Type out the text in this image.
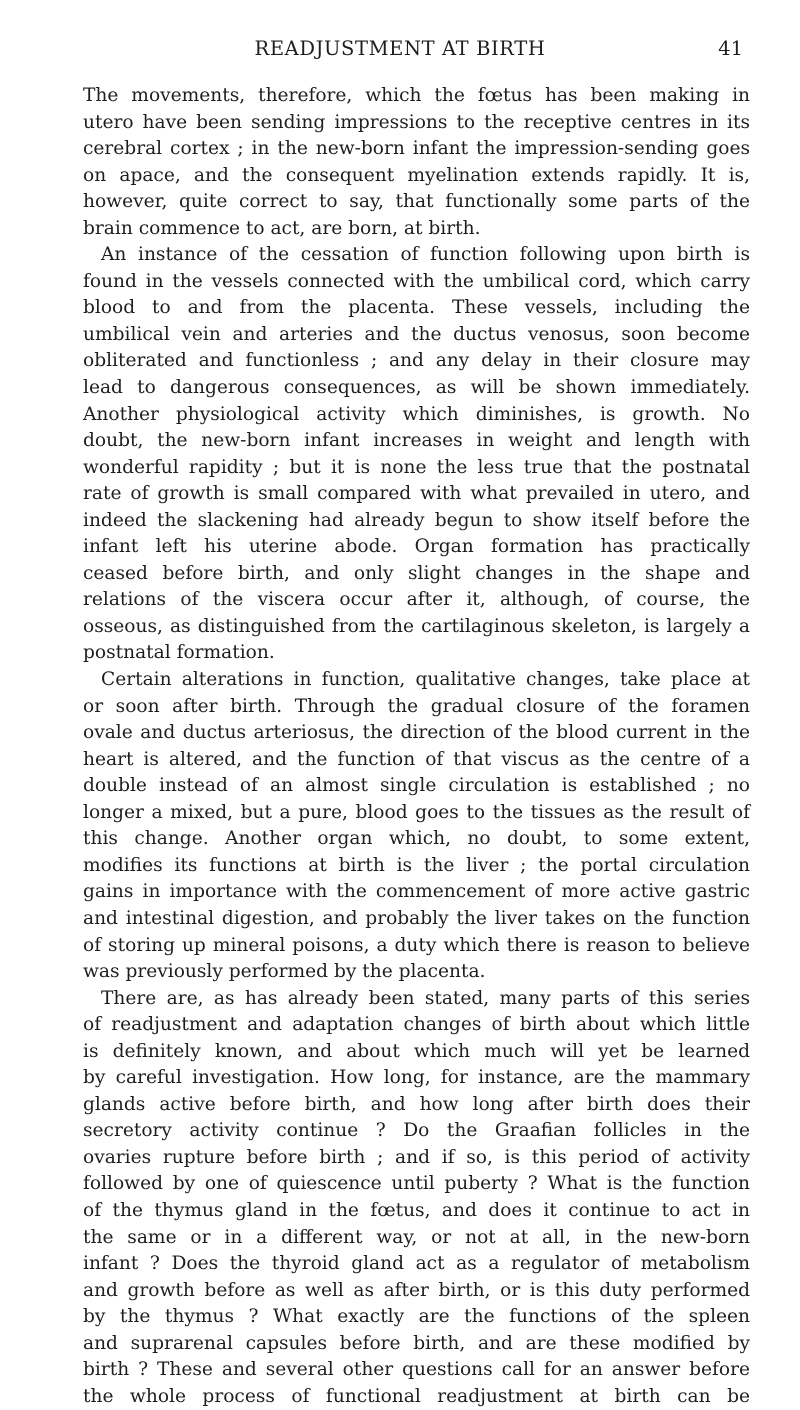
READJUSTMENT AT BIRTH	41
The movements, therefore, which the fœtus has been making in
utero have been sending impressions to the receptive centres in its
cerebral cortex ; in the new-born infant the impression-sending goes
on apace, and the consequent myelination extends rapidly. It is,
however, quite correct to say, that functionally some parts of the
brain commence to act, are born, at birth.
An instance of the cessation of function following upon birth is
found in the vessels connected with the umbilical cord, which carry
blood to and from the placenta. These vessels, including the
umbilical vein and arteries and the ductus venosus, soon become
obliterated and functionless ; and any delay in their closure may
lead to dangerous consequences, as will be shown immediately.
Another physiological activity which diminishes, is growth. No
doubt, the new-born infant increases in weight and length with
wonderful rapidity ; but it is none the less true that the postnatal
rate of growth is small compared with what prevailed in utero, and
indeed the slackening had already begun to show itself before the
infant left his uterine abode. Organ formation has practically
ceased before birth, and only slight changes in the shape and
relations of the viscera occur after it, although, of course, the
osseous, as distinguished from the cartilaginous skeleton, is largely a
postnatal formation.
Certain alterations in function, qualitative changes, take place at
or soon after birth. Through the gradual closure of the foramen
ovale and ductus arteriosus, the direction of the blood current in the
heart is altered, and the function of that viscus as the centre of a
double instead of an almost single circulation is established ; no
longer a mixed, but a pure, blood goes to the tissues as the result of
this change. Another organ which, no doubt, to some extent,
modifies its functions at birth is the liver ; the portal circulation
gains in importance with the commencement of more active gastric
and intestinal digestion, and probably the liver takes on the function
of storing up mineral poisons, a duty which there is reason to believe
was previously performed by the placenta.
There are, as has already been stated, many parts of this series
of readjustment and adaptation changes of birth about which little
is definitely known, and about which much will yet be learned
by careful investigation. How long, for instance, are the mammary
glands active before birth, and how long after birth does their
secretory activity continue ? Do the Graafian follicles in the
ovaries rupture before birth ; and if so, is this period of activity
followed by one of quiescence until puberty ? What is the function
of the thymus gland in the fœtus, and does it continue to act in
the same or in a different way, or not at all, in the new-born
infant ? Does the thyroid gland act as a regulator of metabolism
and growth before as well as after birth, or is this duty performed
by the thymus ? What exactly are the functions of the spleen
and suprarenal capsules before birth, and are these modified by
birth ? These and several other questions call for an answer before
the whole process of functional readjustment at birth can be
